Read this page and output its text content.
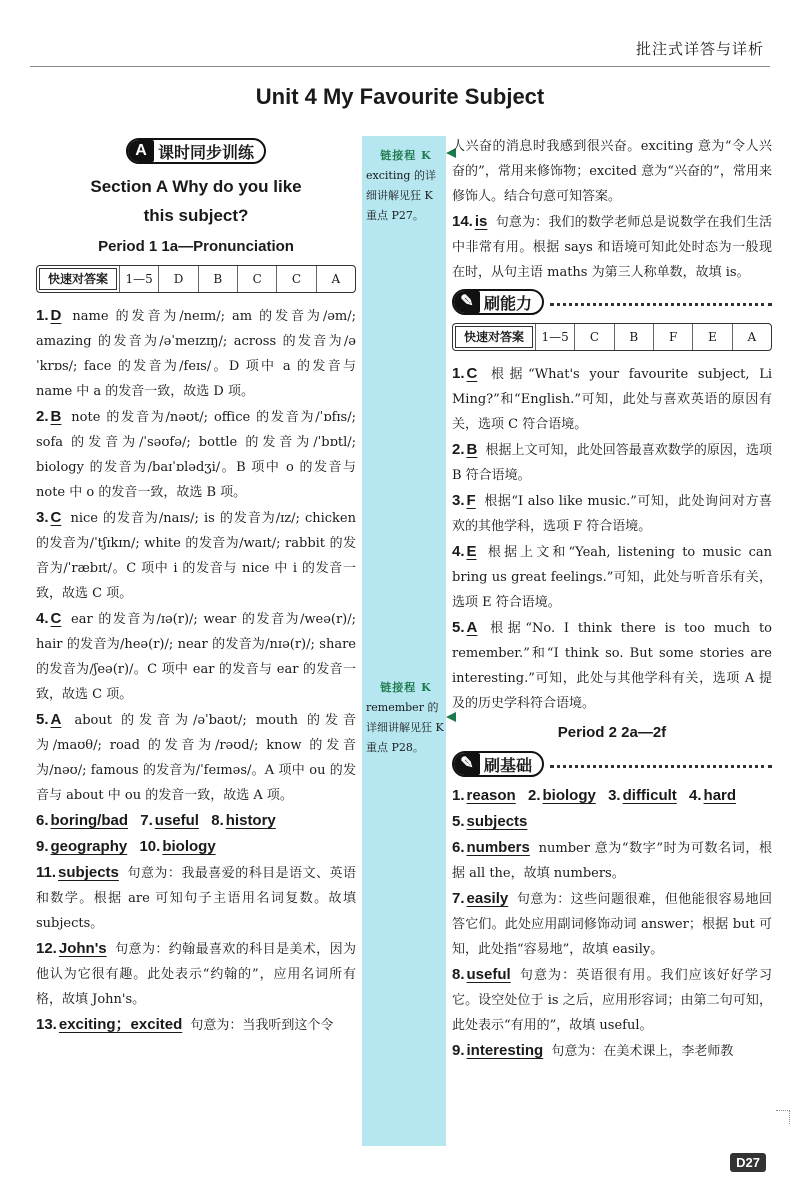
批注式详答与详析
Unit 4 My Favourite Subject
链接程 K
exciting 的详细讲解见狂 K 重点 P27。
链接程 K
remember 的详细讲解见狂 K 重点 P28。
A 课时同步训练
Section A Why do you like
this subject?
Period 1 1a—Pronunciation
快速对答案	1—5	D	B	C	C	A

1. D name 的发音为/neɪm/; am 的发音为/əm/; amazing 的发音为/əˈmeɪzɪŋ/; across 的发音为/əˈkrɒs/; face 的发音为/feɪs/。D 项中 a 的发音与 name 中 a 的发音一致，故选 D 项。

2. B note 的发音为/nəʊt/; office 的发音为/ˈɒfɪs/; sofa 的发音为/ˈsəʊfə/; bottle 的发音为/ˈbɒtl/; biology 的发音为/baɪˈɒlədʒi/。B 项中 o 的发音与 note 中 o 的发音一致，故选 B 项。

3. C nice 的发音为/naɪs/; is 的发音为/ɪz/; chicken 的发音为/ˈtʃɪkɪn/; white 的发音为/waɪt/; rabbit 的发音为/ˈræbɪt/。C 项中 i 的发音与 nice 中 i 的发音一致，故选 C 项。

4. C ear 的发音为/ɪə(r)/; wear 的发音为/weə(r)/; hair 的发音为/heə(r)/; near 的发音为/nɪə(r)/; share 的发音为/ʃeə(r)/。C 项中 ear 的发音与 ear 的发音一致，故选 C 项。

5. A about 的发音为/əˈbaʊt/; mouth 的发音为/maʊθ/; road 的发音为/rəʊd/; know 的发音为/nəʊ/; famous 的发音为/ˈfeɪməs/。A 项中 ou 的发音与 about 中 ou 的发音一致，故选 A 项。

6. boring/bad 7. useful 8. history

9. geography 10. biology

11. subjects 句意为：我最喜爱的科目是语文、英语和数学。根据 are 可知句子主语用名词复数。故填 subjects。

12. John's 句意为：约翰最喜欢的科目是美术，因为他认为它很有趣。此处表示“约翰的”，应用名词所有格，故填 John's。

13. exciting；excited 句意为：当我听到这个令

人兴奋的消息时我感到很兴奋。exciting 意为“令人兴奋的”，常用来修饰物；excited 意为“兴奋的”，常用来修饰人。结合句意可知答案。

14. is 句意为：我们的数学老师总是说数学在我们生活中非常有用。根据 says 和语境可知此处时态为一般现在时，从句主语 maths 为第三人称单数，故填 is。

✎ 刷能力
快速对答案	1—5	C	B	F	E	A

1. C 根据“What's your favourite subject, Li Ming?”和“English.”可知，此处与喜欢英语的原因有关，选项 C 符合语境。

2. B 根据上文可知，此处回答最喜欢数学的原因，选项 B 符合语境。

3. F 根据“I also like music.”可知，此处询问对方喜欢的其他学科，选项 F 符合语境。

4. E 根据上文和“Yeah, listening to music can bring us great feelings.”可知，此处与听音乐有关，选项 E 符合语境。

5. A 根据“No. I think there is too much to remember.”和“I think so. But some stories are interesting.”可知，此处与其他学科有关，选项 A 提及的历史学科符合语境。

Period 2 2a—2f
✎ 刷基础

1. reason 2. biology 3. difficult 4. hard

5. subjects

6. numbers number 意为“数字”时为可数名词，根据 all the，故填 numbers。

7. easily 句意为：这些问题很难，但他能很容易地回答它们。此处应用副词修饰动词 answer；根据 but 可知，此处指“容易地”，故填 easily。

8. useful 句意为：英语很有用。我们应该好好学习它。设空处位于 is 之后，应用形容词；由第二句可知，此处表示“有用的”，故填 useful。

9. interesting 句意为：在美术课上，李老师教

D27
